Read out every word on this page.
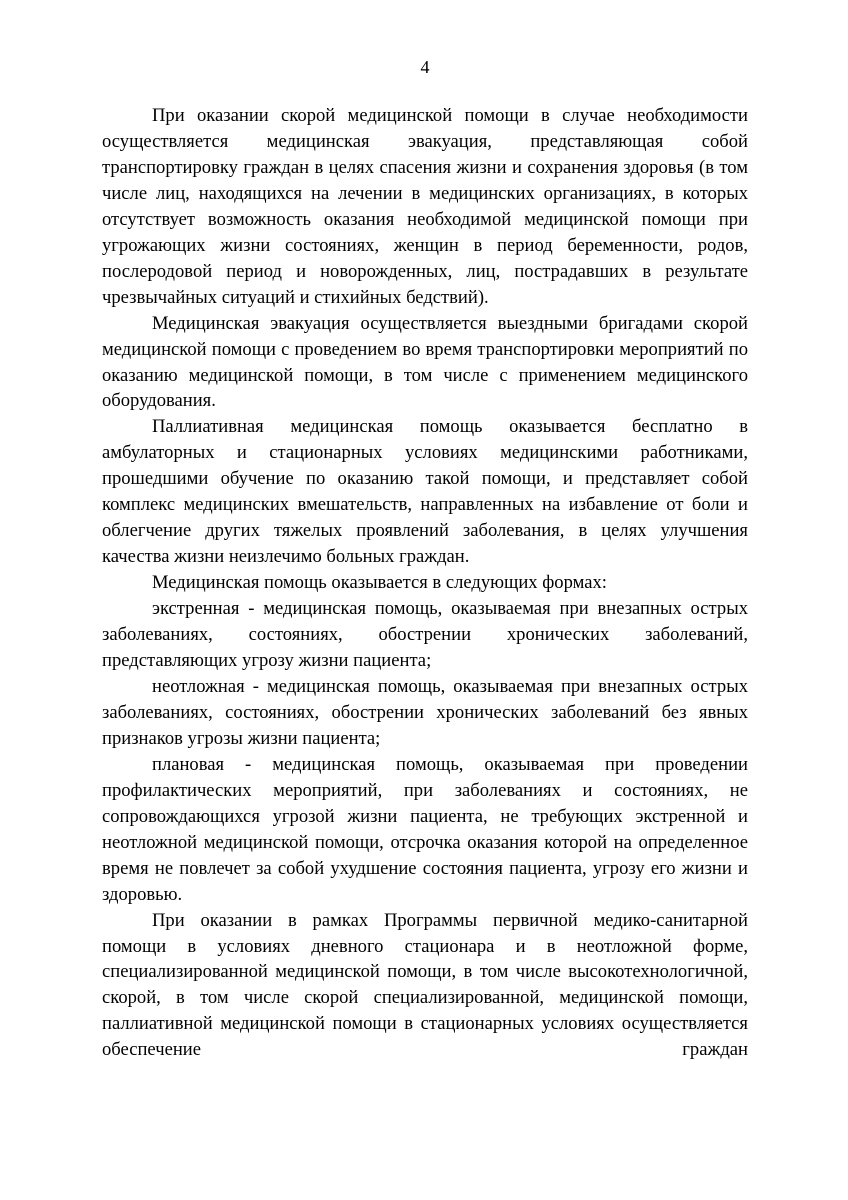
4

При оказании скорой медицинской помощи в случае необходимости осуществляется медицинская эвакуация, представляющая собой транспортировку граждан в целях спасения жизни и сохранения здоровья (в том числе лиц, находящихся на лечении в медицинских организациях, в которых отсутствует возможность оказания необходимой медицинской помощи при угрожающих жизни состояниях, женщин в период беременности, родов, послеродовой период и новорожденных, лиц, пострадавших в результате чрезвычайных ситуаций и стихийных бедствий).

Медицинская эвакуация осуществляется выездными бригадами скорой медицинской помощи с проведением во время транспортировки мероприятий по оказанию медицинской помощи, в том числе с применением медицинского оборудования.

Паллиативная медицинская помощь оказывается бесплатно в амбулаторных и стационарных условиях медицинскими работниками, прошедшими обучение по оказанию такой помощи, и представляет собой комплекс медицинских вмешательств, направленных на избавление от боли и облегчение других тяжелых проявлений заболевания, в целях улучшения качества жизни неизлечимо больных граждан.

Медицинская помощь оказывается в следующих формах:

экстренная - медицинская помощь, оказываемая при внезапных острых заболеваниях, состояниях, обострении хронических заболеваний, представляющих угрозу жизни пациента;

неотложная - медицинская помощь, оказываемая при внезапных острых заболеваниях, состояниях, обострении хронических заболеваний без явных признаков угрозы жизни пациента;

плановая - медицинская помощь, оказываемая при проведении профилактических мероприятий, при заболеваниях и состояниях, не сопровождающихся угрозой жизни пациента, не требующих экстренной и неотложной медицинской помощи, отсрочка оказания которой на определенное время не повлечет за собой ухудшение состояния пациента, угрозу его жизни и здоровью.

При оказании в рамках Программы первичной медико-санитарной помощи в условиях дневного стационара и в неотложной форме, специализированной медицинской помощи, в том числе высокотехнологичной, скорой, в том числе скорой специализированной, медицинской помощи, паллиативной медицинской помощи в стационарных условиях осуществляется обеспечение граждан
